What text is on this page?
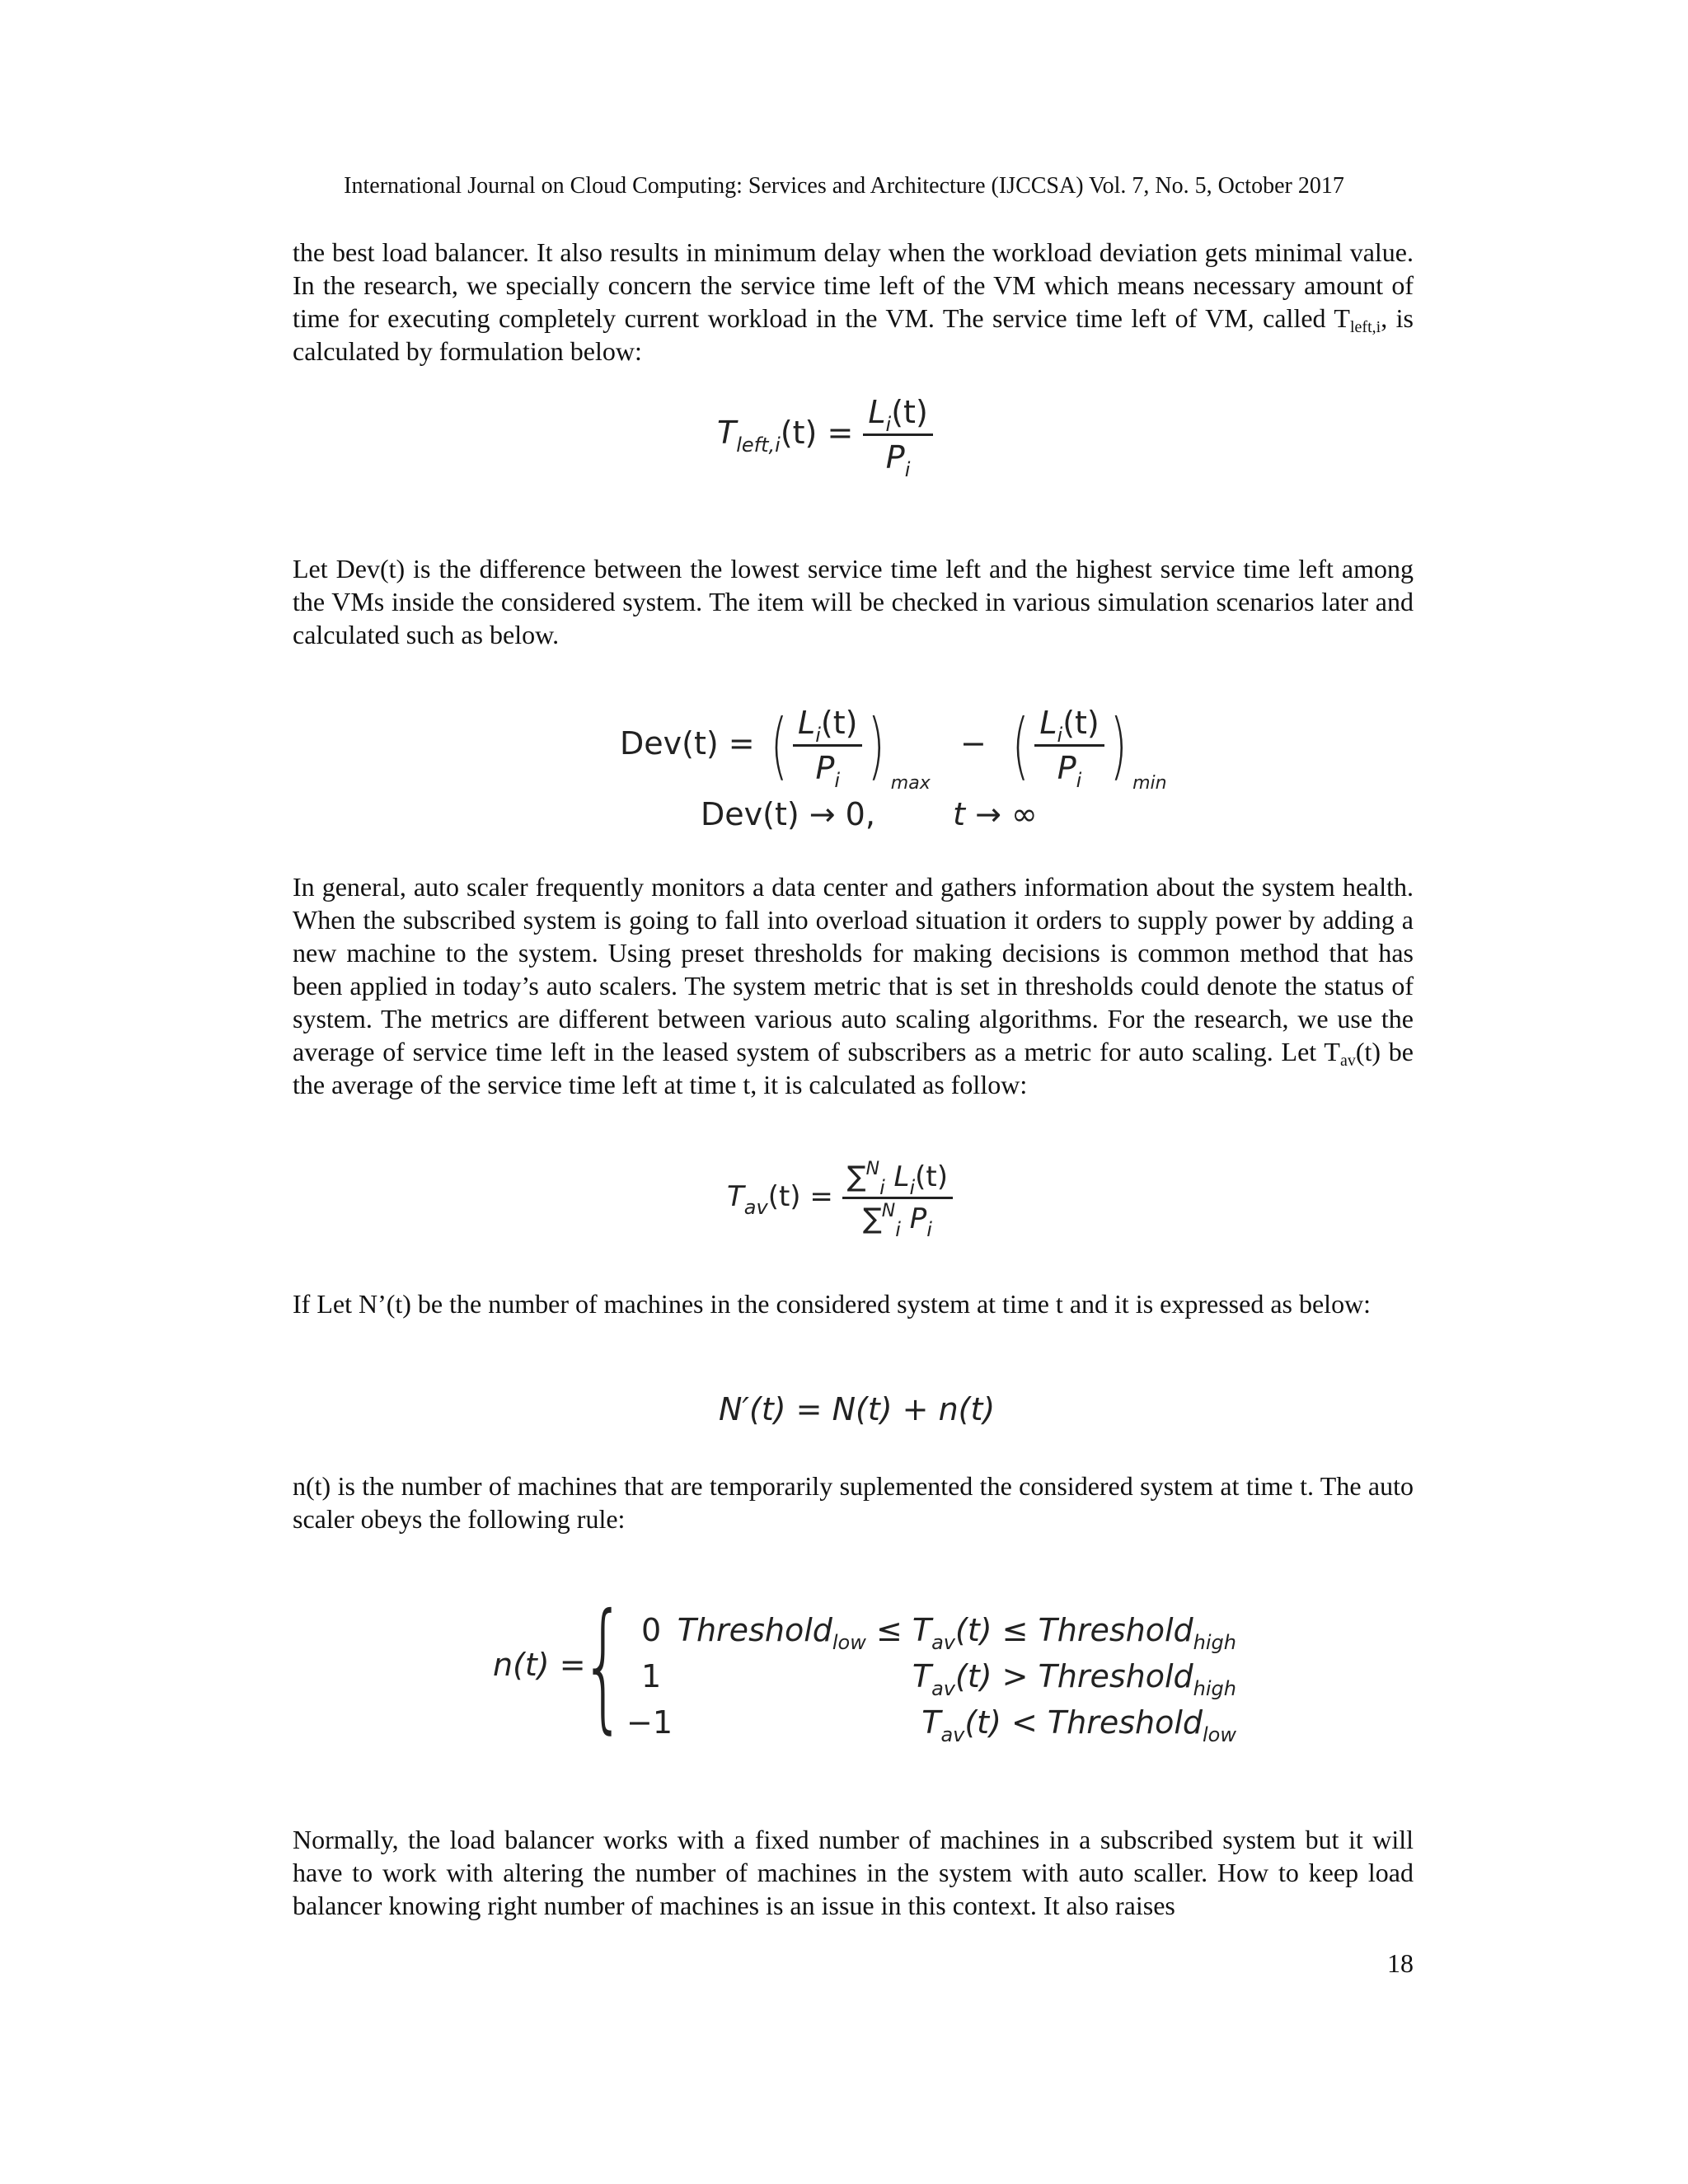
International Journal on Cloud Computing: Services and Architecture (IJCCSA) Vol. 7, No. 5, October 2017
the best load balancer. It also results in minimum delay when the workload deviation gets minimal value. In the research, we specially concern the service time left of the VM which means necessary amount of time for executing completely current workload in the VM. The service time left of VM, called $T_{left,i}$, is calculated by formulation below:
$T_{left,i}(t) = \frac{L_i(t)}{P_i}$
Let Dev(t) is the difference between the lowest service time left and the highest service time left among the VMs inside the considered system. The item will be checked in various simulation scenarios later and calculated such as below.
Dev(t) = ( $\frac{L_i(t)}{P_i}$ ) $_{max}$   − ( $\frac{L_i(t)}{P_i}$ ) $_{min}$
Dev(t) → 0, t → ∞
In general, auto scaler frequently monitors a data center and gathers information about the system health. When the subscribed system is going to fall into overload situation it orders to supply power by adding a new machine to the system. Using preset thresholds for making decisions is common method that has been applied in today’s auto scalers. The system metric that is set in thresholds could denote the status of system. The metrics are different between various auto scaling algorithms. For the research, we use the average of service time left in the leased system of subscribers as a metric for auto scaling. Let $T_{av}(t)$ be the average of the service time left at time t, it is calculated as follow:
$T_{av}(t) = \frac{\sum^N_i L_i(t)}{\sum^N_i P_i}$
If Let N’(t) be the number of machines in the considered system at time t and it is expressed as below:
N′(t) = N(t) + n(t)
n(t) is the number of machines that are temporarily suplemented the considered system at time t. The auto scaler obeys the following rule:
n(t) =
{ 0 Threshold$_{low}$ ≤ $T_{av}(t)$ ≤ Threshold$_{high}$
1	$T_{av}(t)$ > Threshold$_{high}$
−1	$T_{av}(t)$ < Threshold$_{low}$
Normally, the load balancer works with a fixed number of machines in a subscribed system but it will have to work with altering the number of machines in the system with auto scaller. How to keep load balancer knowing right number of machines is an issue in this context. It also raises
18
